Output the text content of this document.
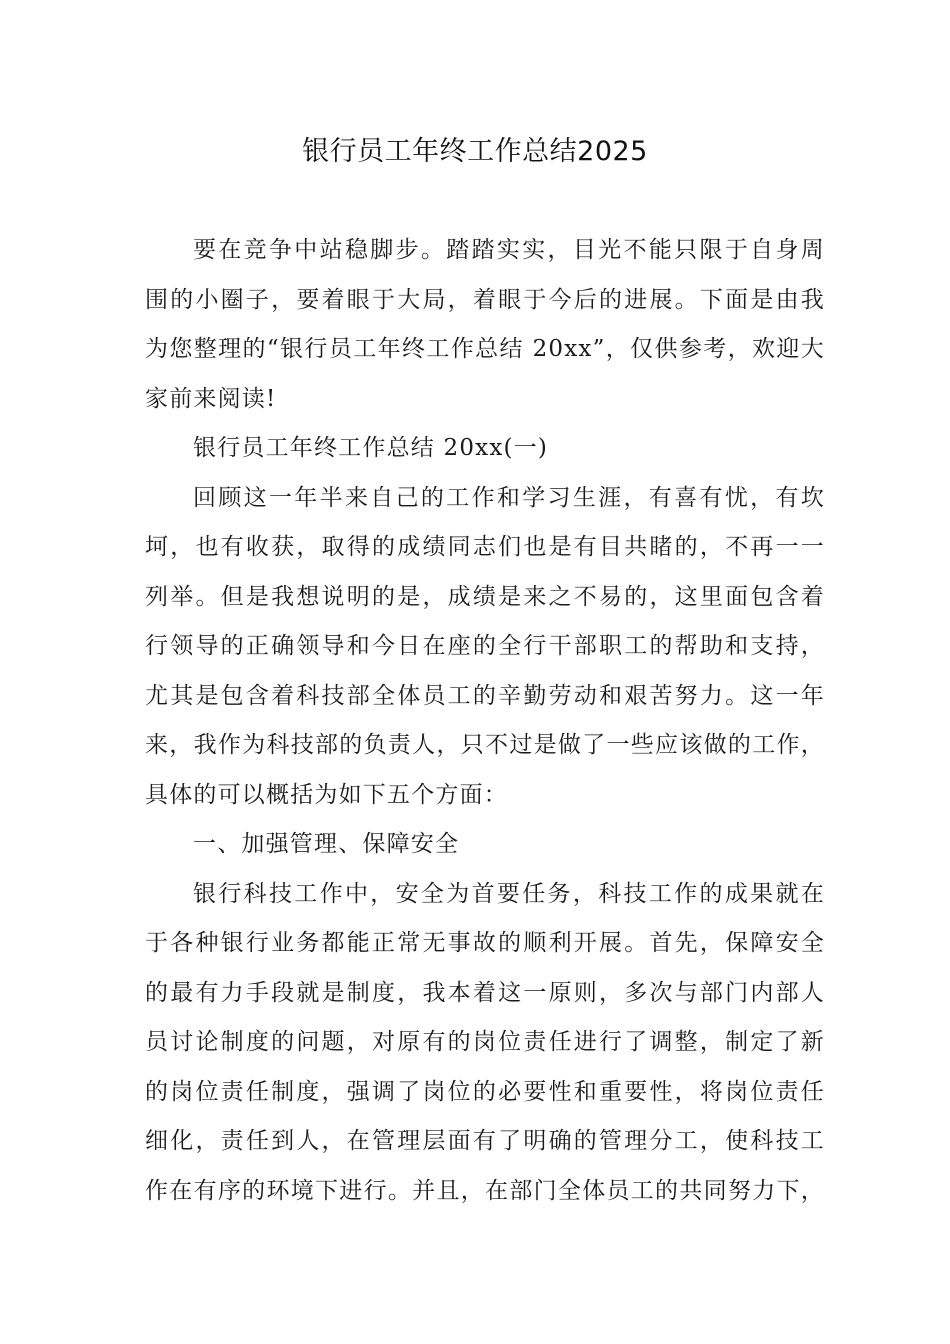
银行员工年终工作总结2025
要在竞争中站稳脚步。踏踏实实，目光不能只限于自身周
围的小圈子，要着眼于大局，着眼于今后的进展。下面是由我
为您整理的“银行员工年终工作总结 20xx”，仅供参考，欢迎大
家前来阅读!
银行员工年终工作总结 20xx(一)
回顾这一年半来自己的工作和学习生涯，有喜有忧，有坎
坷，也有收获，取得的成绩同志们也是有目共睹的，不再一一
列举。但是我想说明的是，成绩是来之不易的，这里面包含着
行领导的正确领导和今日在座的全行干部职工的帮助和支持，
尤其是包含着科技部全体员工的辛勤劳动和艰苦努力。这一年
来，我作为科技部的负责人，只不过是做了一些应该做的工作，
具体的可以概括为如下五个方面：
一、加强管理、保障安全
银行科技工作中，安全为首要任务，科技工作的成果就在
于各种银行业务都能正常无事故的顺利开展。首先，保障安全
的最有力手段就是制度，我本着这一原则，多次与部门内部人
员讨论制度的问题，对原有的岗位责任进行了调整，制定了新
的岗位责任制度，强调了岗位的必要性和重要性，将岗位责任
细化，责任到人，在管理层面有了明确的管理分工，使科技工
作在有序的环境下进行。并且，在部门全体员工的共同努力下，
